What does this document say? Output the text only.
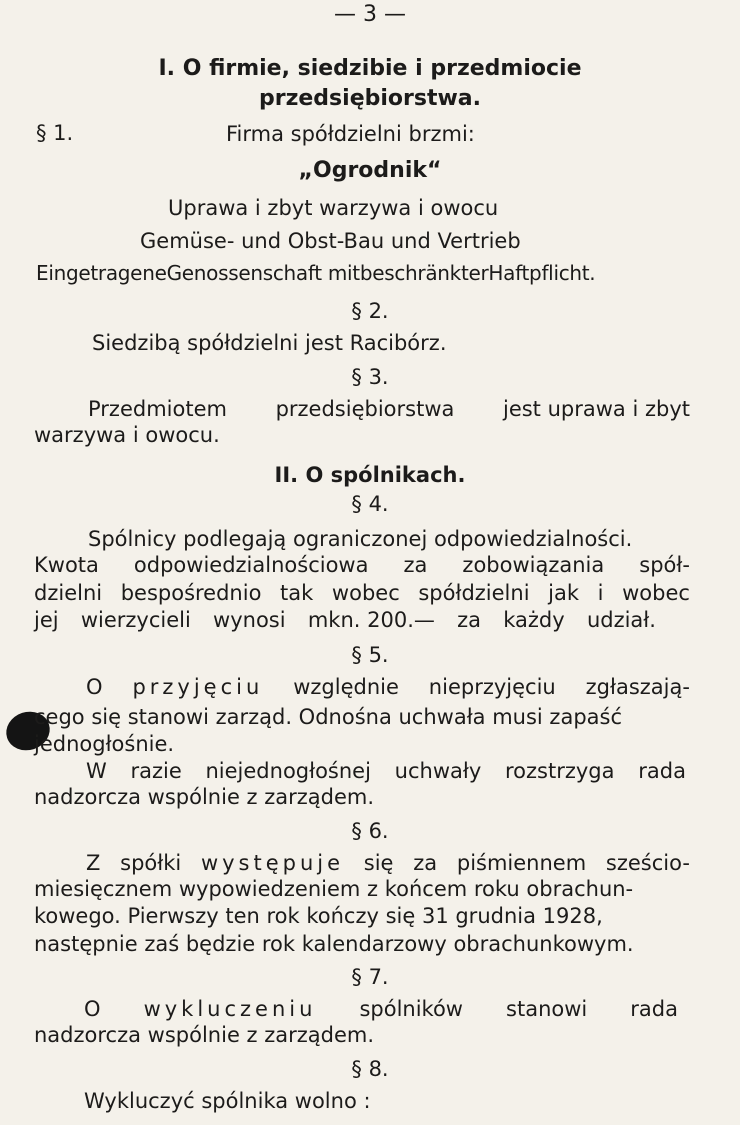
— 3 —
I. O firmie, siedzibie i przedmiocie
przedsiębiorstwa.
§ 1.	Firma spółdzielni brzmi:
„Ogrodnik“
Uprawa i zbyt warzywa i owocu
Gemüse- und Obst-Bau und Vertrieb
EingetrageneGenossenschaft mitbeschränkterHaftpflicht.
§ 2.
Siedzibą spółdzielni jest Racibórz.
§ 3.
Przedmiotem przedsiębiorstwa jest uprawa i zbyt
warzywa i owocu.
II. O spólnikach.
§ 4.
Spólnicy podlegają ograniczonej odpowiedzialności.
Kwota odpowiedzialnościowa za zobowiązania spół-
dzielni bespośrednio tak wobec spółdzielni jak i wobec
jej wierzycieli wynosi mkn. 200.— za każdy udział.
§ 5.
O przyjęciu względnie nieprzyjęciu zgłaszają-
cego się stanowi zarząd. Odnośna uchwała musi zapaść
jednogłośnie.
W razie niejednogłośnej uchwały rozstrzyga rada
nadzorcza wspólnie z zarządem.
§ 6.
Z spółki występuje się za piśmiennem sześcio-
miesięcznem wypowiedzeniem z końcem roku obrachun-
kowego. Pierwszy ten rok kończy się 31 grudnia 1928,
następnie zaś będzie rok kalendarzowy obrachunkowym.
§ 7.
O wykluczeniu spólników stanowi rada
nadzorcza wspólnie z zarządem.
§ 8.
Wykluczyć spólnika wolno :
